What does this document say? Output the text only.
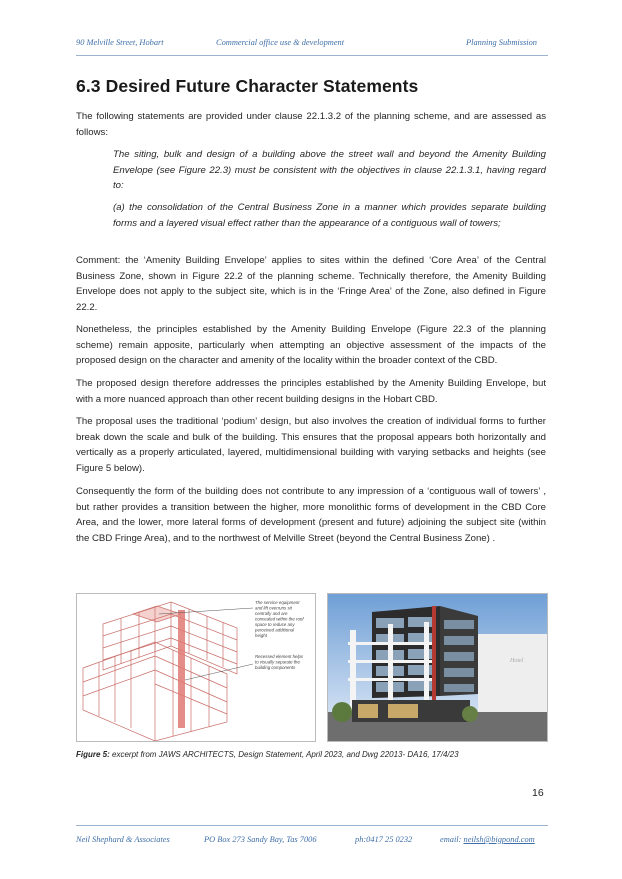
90 Melville Street, Hobart	Commercial office use & development	Planning Submission
6.3 Desired Future Character Statements

The following statements are provided under clause 22.1.3.2 of the planning scheme, and are assessed as follows:

The siting, bulk and design of a building above the street wall and beyond the Amenity Building Envelope (see Figure 22.3) must be consistent with the objectives in clause 22.1.3.1, having regard to:

(a) the consolidation of the Central Business Zone in a manner which provides separate building forms and a layered visual effect rather than the appearance of a contiguous wall of towers;

Comment: the ‘Amenity Building Envelope’ applies to sites within the defined ‘Core Area’ of the Central Business Zone, shown in Figure 22.2 of the planning scheme. Technically therefore, the Amenity Building Envelope does not apply to the subject site, which is in the ‘Fringe Area’ of the Zone, also defined in Figure 22.2.

Nonetheless, the principles established by the Amenity Building Envelope (Figure 22.3 of the planning scheme) remain apposite, particularly when attempting an objective assessment of the impacts of the proposed design on the character and amenity of the locality within the broader context of the CBD.

The proposed design therefore addresses the principles established by the Amenity Building Envelope, but with a more nuanced approach than other recent building designs in the Hobart CBD.

The proposal uses the traditional ‘podium’ design, but also involves the creation of individual forms to further break down the scale and bulk of the building. This ensures that the proposal appears both horizontally and vertically as a properly articulated, layered, multidimensional building with varying setbacks and heights (see Figure 5 below).

Consequently the form of the building does not contribute to any impression of a ‘contiguous wall of towers’ , but rather provides a transition between the higher, more monolithic forms of development in the CBD Core Area, and the lower, more lateral forms of development (present and future) adjoining the subject site (within the CBD Fringe Area), and to the northwest of Melville Street (beyond the Central Business Zone) .

The service equipment and lift overruns sit centrally and are concealed within the roof space to reduce any perceived additional height
Recessed element helps to visually separate the building components
Hotel
Figure 5: excerpt from JAWS ARCHITECTS, Design Statement, April 2023, and Dwg 22013- DA16, 17/4/23
16
Neil Shephard & Associates	PO Box 273 Sandy Bay, Tas 7006	ph:0417 25 0232	email: neilsh@bigpond.com
